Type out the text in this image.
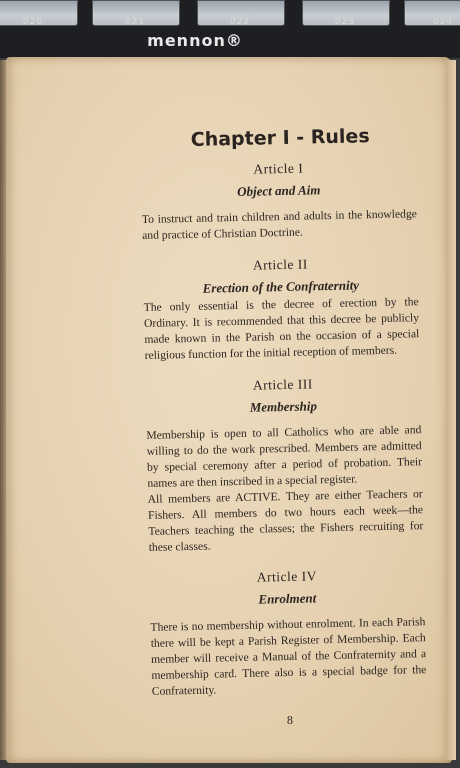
020	021	022	023	024
mennon®
Chapter I - Rules
Article I
Object and Aim

To instruct and train children and adults in the knowledge and practice of Christian Doctrine.

Article II
Erection of the Confraternity

The only essential is the decree of erection by the Ordinary. It is recommended that this decree be publicly made known in the Parish on the occasion of a special religious function for the initial reception of members.

Article III
Membership

Membership is open to all Catholics who are able and willing to do the work prescribed. Members are admitted by special ceremony after a period of probation. Their names are then inscribed in a special register.

All members are ACTIVE. They are either Teachers or Fishers. All members do two hours each week—the Teachers teaching the classes; the Fishers recruiting for these classes.

Article IV
Enrolment

There is no membership without enrolment. In each Parish there will be kept a Parish Register of Membership. Each member will receive a Manual of the Confraternity and a membership card. There also is a special badge for the Confraternity.

8
